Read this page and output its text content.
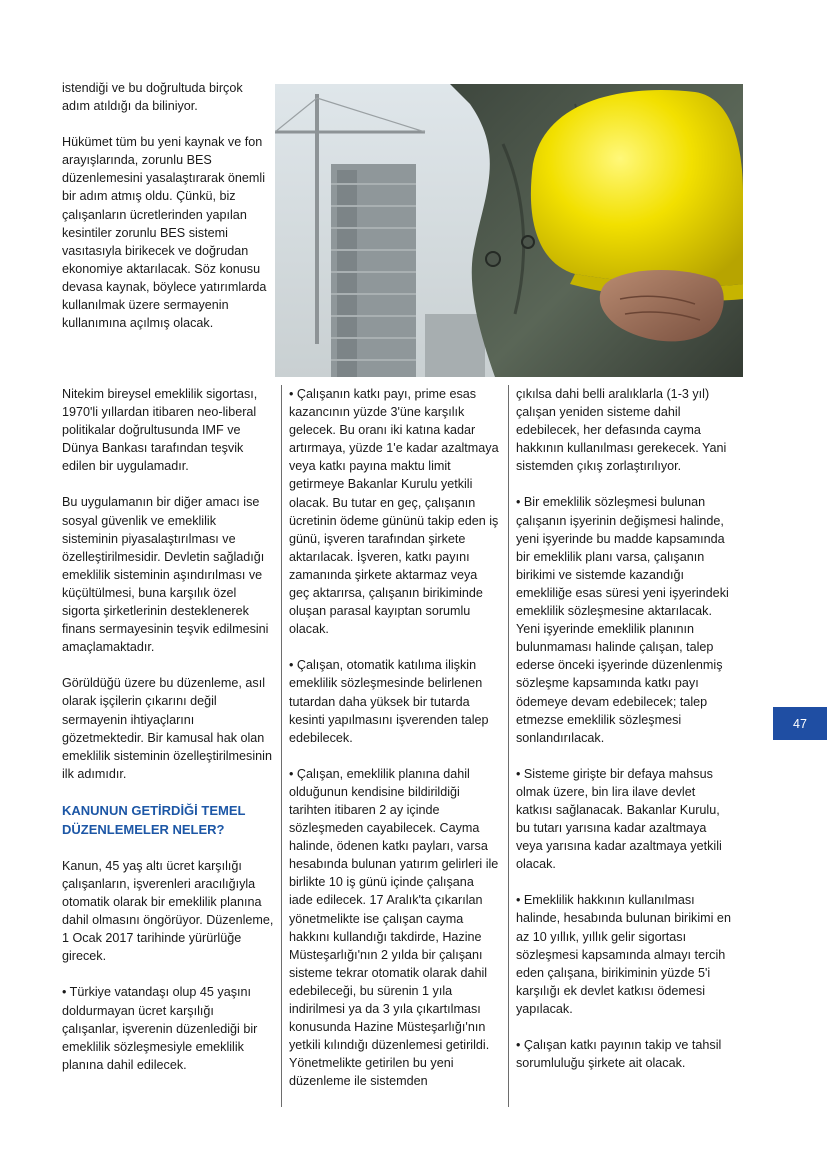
istendiği ve bu doğrultuda birçok adım atıldığı da biliniyor.

Hükümet tüm bu yeni kaynak ve fon arayışlarında, zorunlu BES düzenlemesini yasalaştırarak önemli bir adım atmış oldu. Çünkü, biz çalışanların ücretlerinden yapılan kesintiler zorunlu BES sistemi vasıtasıyla birikecek ve doğrudan ekonomiye aktarılacak. Söz konusu devasa kaynak, böylece yatırımlarda kullanılmak üzere sermayenin kullanımına açılmış olacak.

Nitekim bireysel emeklilik sigortası, 1970'li yıllardan itibaren neo-liberal politikalar doğrultusunda IMF ve Dünya Bankası tarafından teşvik edilen bir uygulamadır.

Bu uygulamanın bir diğer amacı ise sosyal güvenlik ve emeklilik sisteminin piyasalaştırılması ve özelleştirilmesidir. Devletin sağladığı emeklilik sisteminin aşındırılması ve küçültülmesi, buna karşılık özel sigorta şirketlerinin desteklenerek finans sermayesinin teşvik edilmesini amaçlamaktadır.

Görüldüğü üzere bu düzenleme, asıl olarak işçilerin çıkarını değil sermayenin ihtiyaçlarını gözetmektedir. Bir kamusal hak olan emeklilik sisteminin özelleştirilmesinin ilk adımıdır.

KANUNUN GETİRDİĞİ TEMEL DÜZENLEMELER NELER?

Kanun, 45 yaş altı ücret karşılığı çalışanların, işverenleri aracılığıyla otomatik olarak bir emeklilik planına dahil olmasını öngörüyor. Düzenleme, 1 Ocak 2017 tarihinde yürürlüğe girecek.

• Türkiye vatandaşı olup 45 yaşını doldurmayan ücret karşılığı çalışanlar, işverenin düzenlediği bir emeklilik sözleşmesiyle emeklilik planına dahil edilecek.

• Çalışanın katkı payı, prime esas kazancının yüzde 3'üne karşılık gelecek. Bu oranı iki katına kadar artırmaya, yüzde 1'e kadar azaltmaya veya katkı payına maktu limit getirmeye Bakanlar Kurulu yetkili olacak. Bu tutar en geç, çalışanın ücretinin ödeme gününü takip eden iş günü, işveren tarafından şirkete aktarılacak. İşveren, katkı payını zamanında şirkete aktarmaz veya geç aktarırsa, çalışanın birikiminde oluşan parasal kayıptan sorumlu olacak.

• Çalışan, otomatik katılıma ilişkin emeklilik sözleşmesinde belirlenen tutardan daha yüksek bir tutarda kesinti yapılmasını işverenden talep edebilecek.

• Çalışan, emeklilik planına dahil olduğunun kendisine bildirildiği tarihten itibaren 2 ay içinde sözleşmeden cayabilecek. Cayma halinde, ödenen katkı payları, varsa hesabında bulunan yatırım gelirleri ile birlikte 10 iş günü içinde çalışana iade edilecek. 17 Aralık'ta çıkarılan yönetmelikte ise çalışan cayma hakkını kullandığı takdirde, Hazine Müsteşarlığı'nın 2 yılda bir çalışanı sisteme tekrar otomatik olarak dahil edebileceği, bu sürenin 1 yıla indirilmesi ya da 3 yıla çıkartılması konusunda Hazine Müsteşarlığı'nın yetkili kılındığı düzenlemesi getirildi. Yönetmelikte getirilen bu yeni düzenleme ile sistemden

çıkılsa dahi belli aralıklarla (1-3 yıl) çalışan yeniden sisteme dahil edebilecek, her defasında cayma hakkının kullanılması gerekecek. Yani sistemden çıkış zorlaştırılıyor.

• Bir emeklilik sözleşmesi bulunan çalışanın işyerinin değişmesi halinde, yeni işyerinde bu madde kapsamında bir emeklilik planı varsa, çalışanın birikimi ve sistemde kazandığı emekliliğe esas süresi yeni işyerindeki emeklilik sözleşmesine aktarılacak. Yeni işyerinde emeklilik planının bulunmaması halinde çalışan, talep ederse önceki işyerinde düzenlenmiş sözleşme kapsamında katkı payı ödemeye devam edebilecek; talep etmezse emeklilik sözleşmesi sonlandırılacak.

• Sisteme girişte bir defaya mahsus olmak üzere, bin lira ilave devlet katkısı sağlanacak. Bakanlar Kurulu, bu tutarı yarısına kadar azaltmaya veya yarısına kadar azaltmaya yetkili olacak.

• Emeklilik hakkının kullanılması halinde, hesabında bulunan birikimi en az 10 yıllık, yıllık gelir sigortası sözleşmesi kapsamında almayı tercih eden çalışana, birikiminin yüzde 5'i karşılığı ek devlet katkısı ödemesi yapılacak.

• Çalışan katkı payının takip ve tahsil sorumluluğu şirkete ait olacak.

47
